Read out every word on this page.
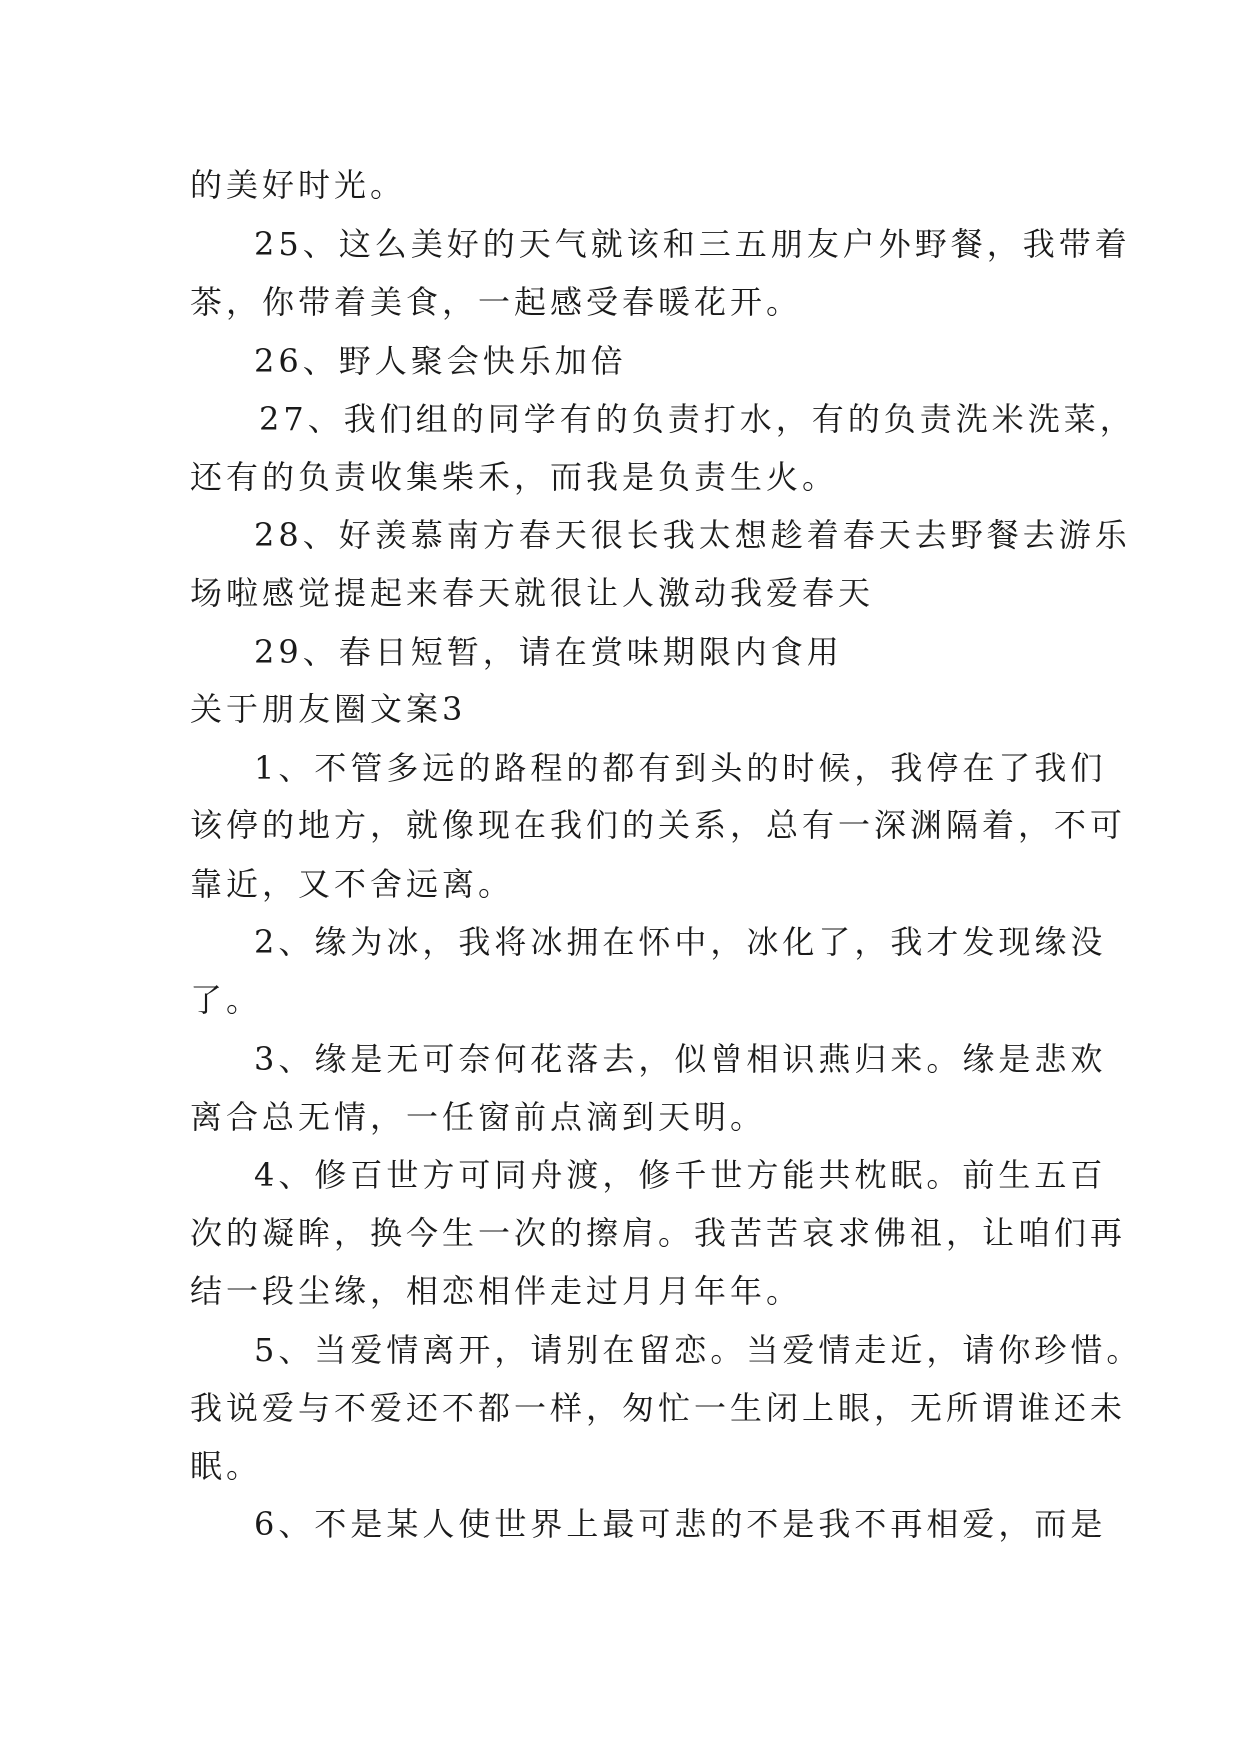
的美好时光。
25、这么美好的天气就该和三五朋友户外野餐，我带着
茶，你带着美食，一起感受春暖花开。
26、野人聚会快乐加倍
27、我们组的同学有的负责打水，有的负责洗米洗菜，
还有的负责收集柴禾，而我是负责生火。
28、好羡慕南方春天很长我太想趁着春天去野餐去游乐
场啦感觉提起来春天就很让人激动我爱春天
29、春日短暂，请在赏味期限内食用
关于朋友圈文案3
1、不管多远的路程的都有到头的时候，我停在了我们
该停的地方，就像现在我们的关系，总有一深渊隔着，不可
靠近，又不舍远离。
2、缘为冰，我将冰拥在怀中，冰化了，我才发现缘没
了。
3、缘是无可奈何花落去，似曾相识燕归来。缘是悲欢
离合总无情，一任窗前点滴到天明。
4、修百世方可同舟渡，修千世方能共枕眠。前生五百
次的凝眸，换今生一次的擦肩。我苦苦哀求佛祖，让咱们再
结一段尘缘，相恋相伴走过月月年年。
5、当爱情离开，请别在留恋。当爱情走近，请你珍惜。
我说爱与不爱还不都一样，匆忙一生闭上眼，无所谓谁还未
眠。
6、不是某人使世界上最可悲的不是我不再相爱，而是
